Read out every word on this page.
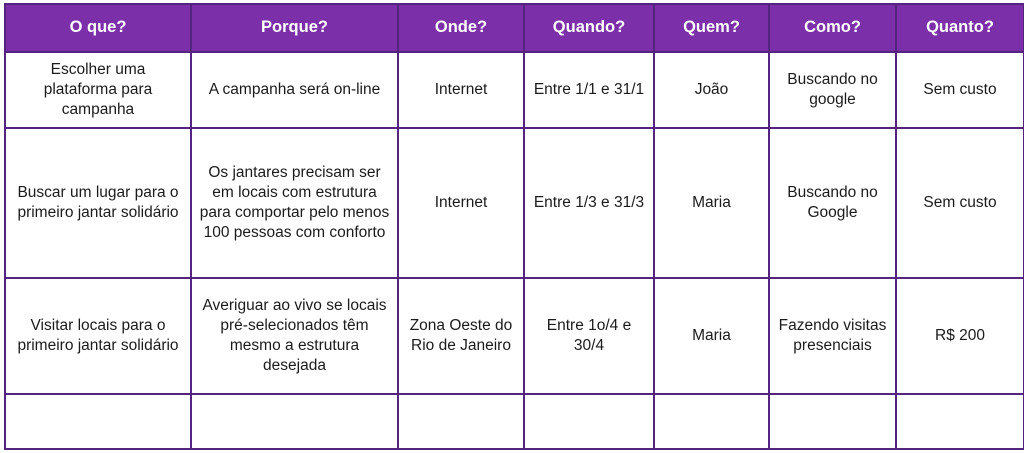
O que?	Porque?	Onde?	Quando?	Quem?	Como?	Quanto?
Escolher uma plataforma para campanha	A campanha será on-line	Internet	Entre 1/1 e 31/1	João	Buscando no google	Sem custo
Buscar um lugar para o primeiro jantar solidário	Os jantares precisam ser em locais com estrutura para comportar pelo menos 100 pessoas com conforto	Internet	Entre 1/3 e 31/3	Maria	Buscando no Google	Sem custo
Visitar locais para o primeiro jantar solidário	Averiguar ao vivo se locais pré-selecionados têm mesmo a estrutura desejada	Zona Oeste do Rio de Janeiro	Entre 1o/4 e 30/4	Maria	Fazendo visitas presenciais	R$ 200
